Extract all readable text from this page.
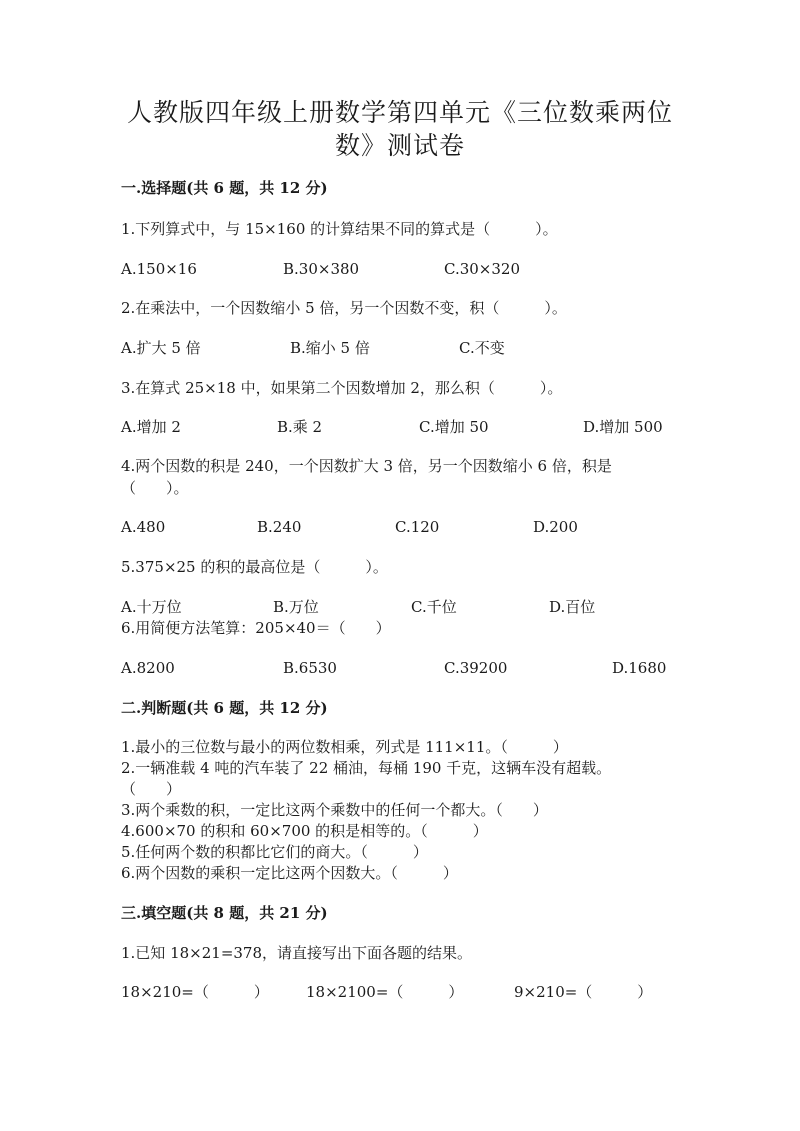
人教版四年级上册数学第四单元《三位数乘两位
数》测试卷
一.选择题(共 6 题，共 12 分)
1.下列算式中，与 15×160 的计算结果不同的算式是（　　　）。
A.150×16	B.30×380	C.30×320
2.在乘法中，一个因数缩小 5 倍，另一个因数不变，积（　　　）。
A.扩大 5 倍	B.缩小 5 倍	C.不变
3.在算式 25×18 中，如果第二个因数增加 2，那么积（　　　）。
A.增加 2	B.乘 2	C.增加 50	D.增加 500
4.两个因数的积是 240，一个因数扩大 3 倍，另一个因数缩小 6 倍，积是
（　　）。
A.480	B.240	C.120	D.200
5.375×25 的积的最高位是（　　　）。
A.十万位	B.万位	C.千位	D.百位
6.用简便方法笔算：205×40＝（　　）
A.8200	B.6530	C.39200	D.1680
二.判断题(共 6 题，共 12 分)
1.最小的三位数与最小的两位数相乘，列式是 111×11。（　　　）
2.一辆准载 4 吨的汽车装了 22 桶油，每桶 190 千克，这辆车没有超载。
（　　）
3.两个乘数的积，一定比这两个乘数中的任何一个都大。（　　）
4.600×70 的积和 60×700 的积是相等的。（　　　）
5.任何两个数的积都比它们的商大。（　　　）
6.两个因数的乘积一定比这两个因数大。（　　　）
三.填空题(共 8 题，共 21 分)
1.已知 18×21=378，请直接写出下面各题的结果。
18×210=（　　　） 18×2100=（　　　）	9×210=（　　　）
